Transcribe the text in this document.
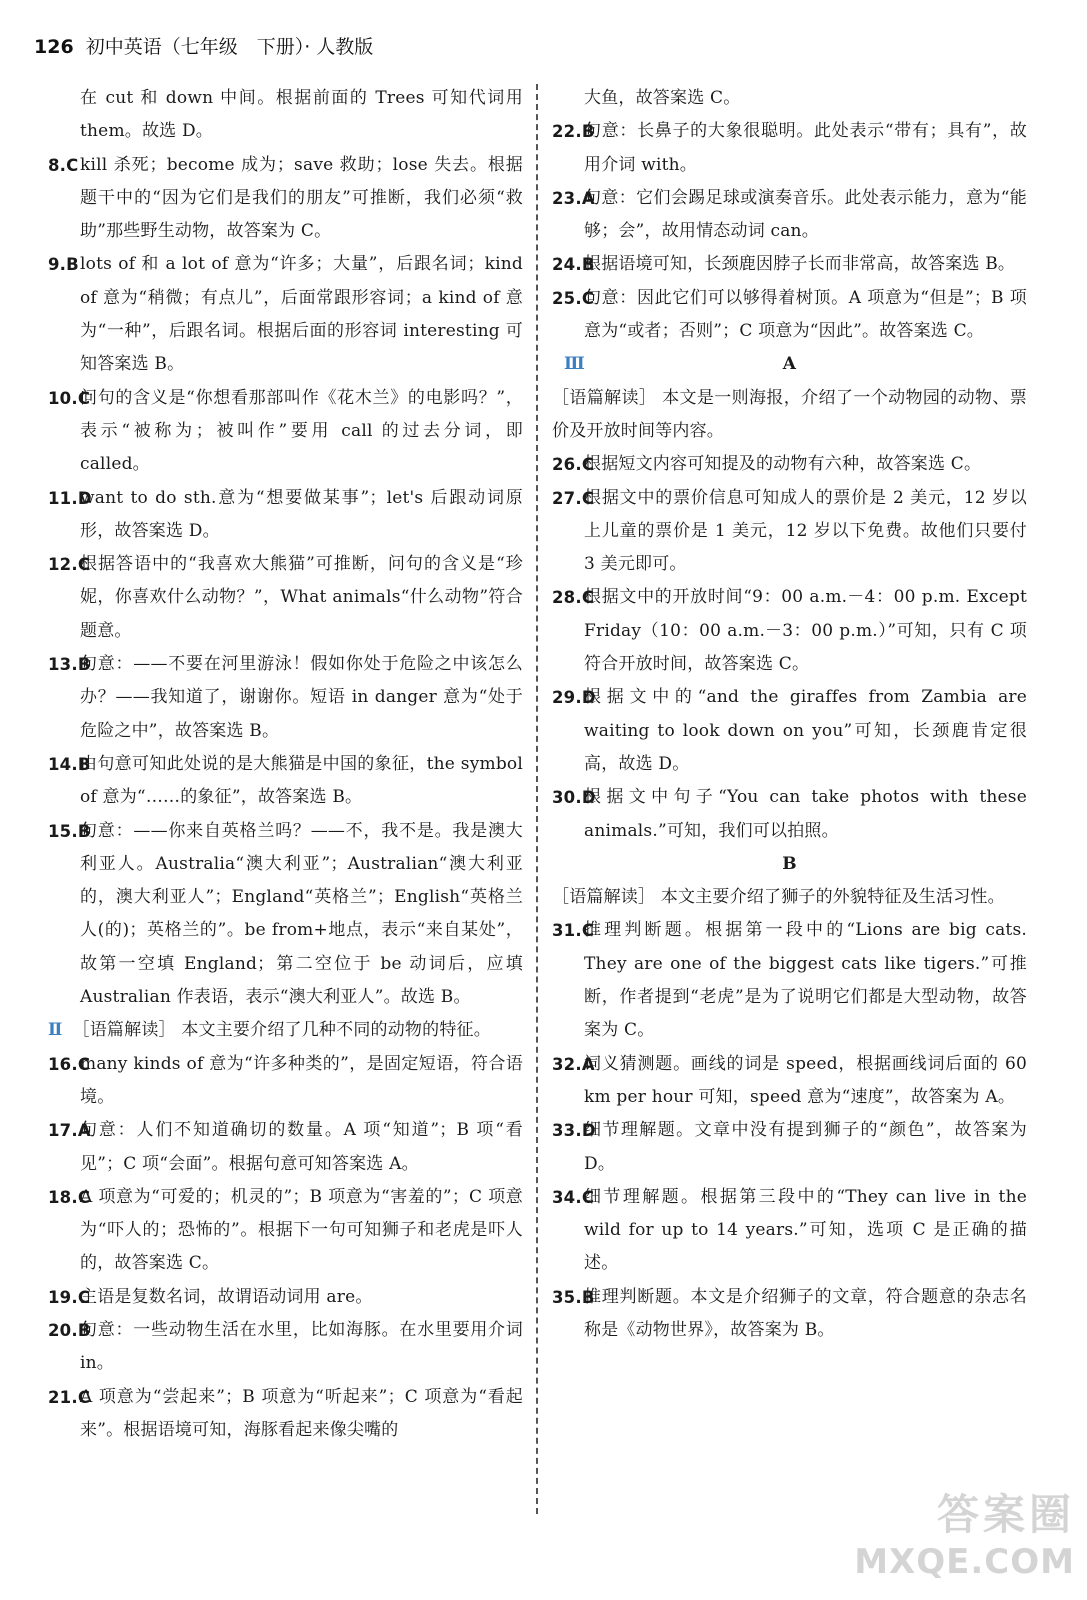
126 初中英语（七年级　下册）· 人教版
在 cut 和 down 中间。根据前面的 Trees 可知代词用 them。故选 D。
8.C kill 杀死；become 成为；save 救助；lose 失去。根据题干中的“因为它们是我们的朋友”可推断，我们必须“救助”那些野生动物，故答案为 C。
9.B lots of 和 a lot of 意为“许多；大量”，后跟名词；kind of 意为“稍微；有点儿”，后面常跟形容词；a kind of 意为“一种”，后跟名词。根据后面的形容词 interesting 可知答案选 B。
10.C
问句的含义是“你想看那部叫作《花木兰》的电影吗？”，表示“被称为；被叫作”要用 call 的过去分词，即 called。
11.D
want to do sth.意为“想要做某事”；let's 后跟动词原形，故答案选 D。
12.C
根据答语中的“我喜欢大熊猫”可推断，问句的含义是“珍妮，你喜欢什么动物？”，What animals“什么动物”符合题意。
13.B
句意：——不要在河里游泳！假如你处于危险之中该怎么办？——我知道了，谢谢你。短语 in danger 意为“处于危险之中”，故答案选 B。
14.B
由句意可知此处说的是大熊猫是中国的象征，the symbol of 意为“……的象征”，故答案选 B。
15.B
句意：——你来自英格兰吗？——不，我不是。我是澳大利亚人。Australia“澳大利亚”；Australian“澳大利亚的，澳大利亚人”；England“英格兰”；English“英格兰人(的)；英格兰的”。be from+地点，表示“来自某处”，故第一空填 England；第二空位于 be 动词后，应填 Australian 作表语，表示“澳大利亚人”。故选 B。
Ⅱ ［语篇解读］ 本文主要介绍了几种不同的动物的特征。
16.C
many kinds of 意为“许多种类的”，是固定短语，符合语境。
17.A
句意：人们不知道确切的数量。A 项“知道”；B 项“看见”；C 项“会面”。根据句意可知答案选 A。
18.C
A 项意为“可爱的；机灵的”；B 项意为“害羞的”；C 项意为“吓人的；恐怖的”。根据下一句可知狮子和老虎是吓人的，故答案选 C。
19.C
主语是复数名词，故谓语动词用 are。
20.B
句意：一些动物生活在水里，比如海豚。在水里要用介词 in。
21.C
A 项意为“尝起来”；B 项意为“听起来”；C 项意为“看起来”。根据语境可知，海豚看起来像尖嘴的
大鱼，故答案选 C。
22.B
句意：长鼻子的大象很聪明。此处表示“带有；具有”，故用介词 with。
23.A
句意：它们会踢足球或演奏音乐。此处表示能力，意为“能够；会”，故用情态动词 can。
24.B
根据语境可知，长颈鹿因脖子长而非常高，故答案选 B。
25.C
句意：因此它们可以够得着树顶。A 项意为“但是”；B 项意为“或者；否则”；C 项意为“因此”。故答案选 C。
Ⅲ	A
［语篇解读］ 本文是一则海报，介绍了一个动物园的动物、票价及开放时间等内容。
26.C
根据短文内容可知提及的动物有六种，故答案选 C。
27.C
根据文中的票价信息可知成人的票价是 2 美元，12 岁以上儿童的票价是 1 美元，12 岁以下免费。故他们只要付 3 美元即可。
28.C
根据文中的开放时间“9：00 a.m.－4：00 p.m. Except Friday（10：00 a.m.－3：00 p.m.）”可知，只有 C 项符合开放时间，故答案选 C。
29.D
根据文中的“and the giraffes from Zambia are waiting to look down on you”可知，长颈鹿肯定很高，故选 D。
30.D
根据文中句子“You can take photos with these animals.”可知，我们可以拍照。
B
［语篇解读］ 本文主要介绍了狮子的外貌特征及生活习性。
31.C
推理判断题。根据第一段中的“Lions are big cats. They are one of the biggest cats like tigers.”可推断，作者提到“老虎”是为了说明它们都是大型动物，故答案为 C。
32.A
词义猜测题。画线的词是 speed，根据画线词后面的 60 km per hour 可知，speed 意为“速度”，故答案为 A。
33.D
细节理解题。文章中没有提到狮子的“颜色”，故答案为 D。
34.C
细节理解题。根据第三段中的“They can live in the wild for up to 14 years.”可知，选项 C 是正确的描述。
35.B
推理判断题。本文是介绍狮子的文章，符合题意的杂志名称是《动物世界》，故答案为 B。
答案圈
MXQE.COM
